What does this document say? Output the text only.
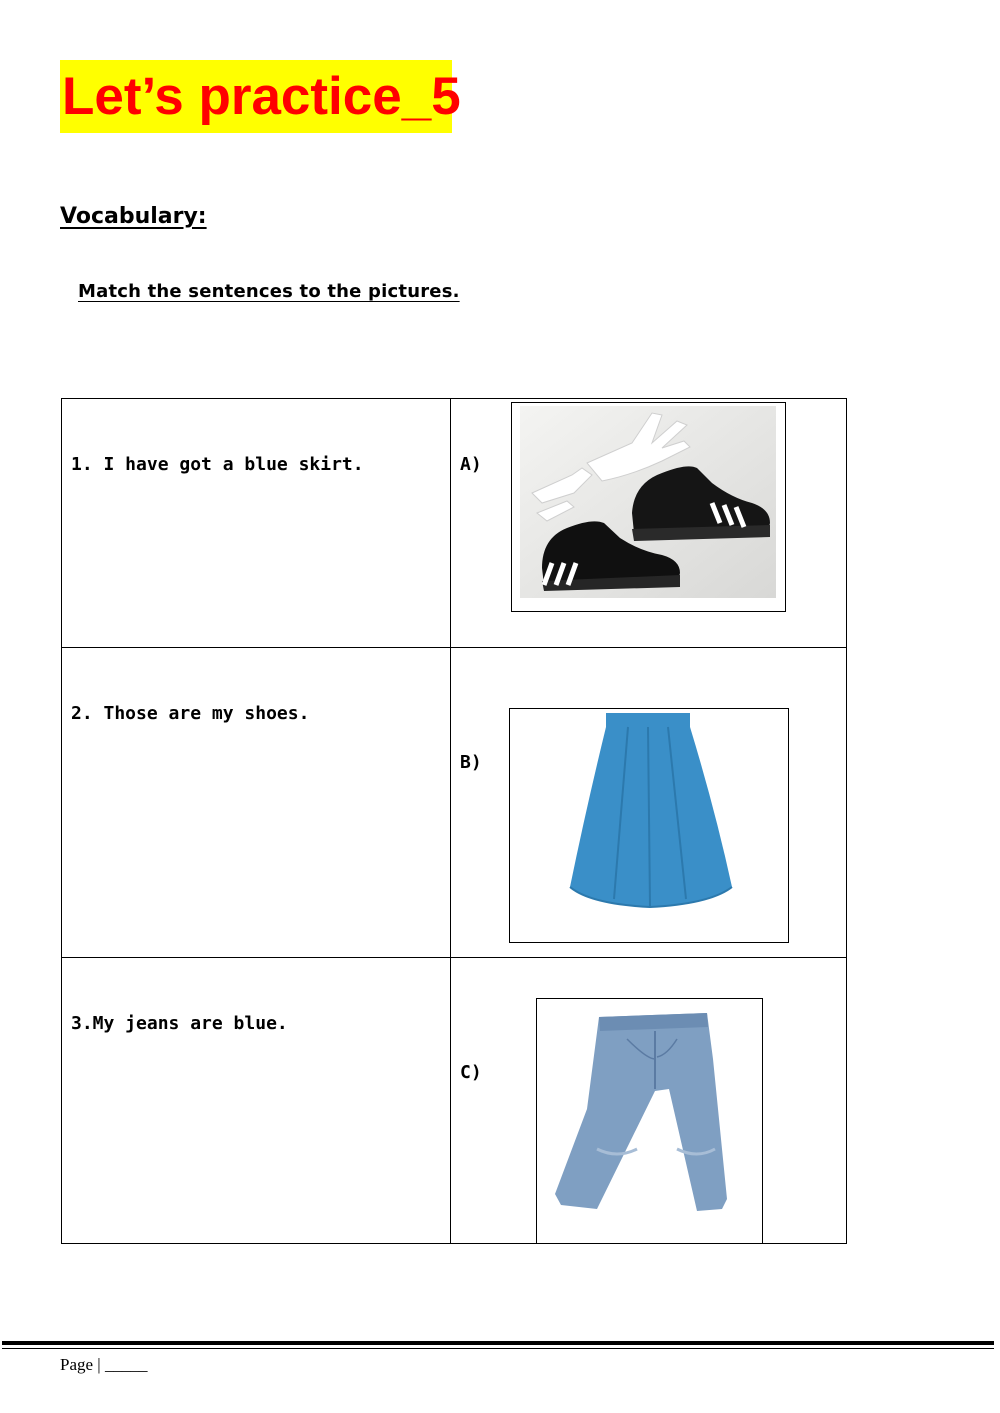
Let’s practice_5
Vocabulary:
Match the sentences to the pictures.
1. I have got a blue skirt.	A)

2. Those are my shoes.	B)

3.My jeans are blue.	C)
Page | _____
